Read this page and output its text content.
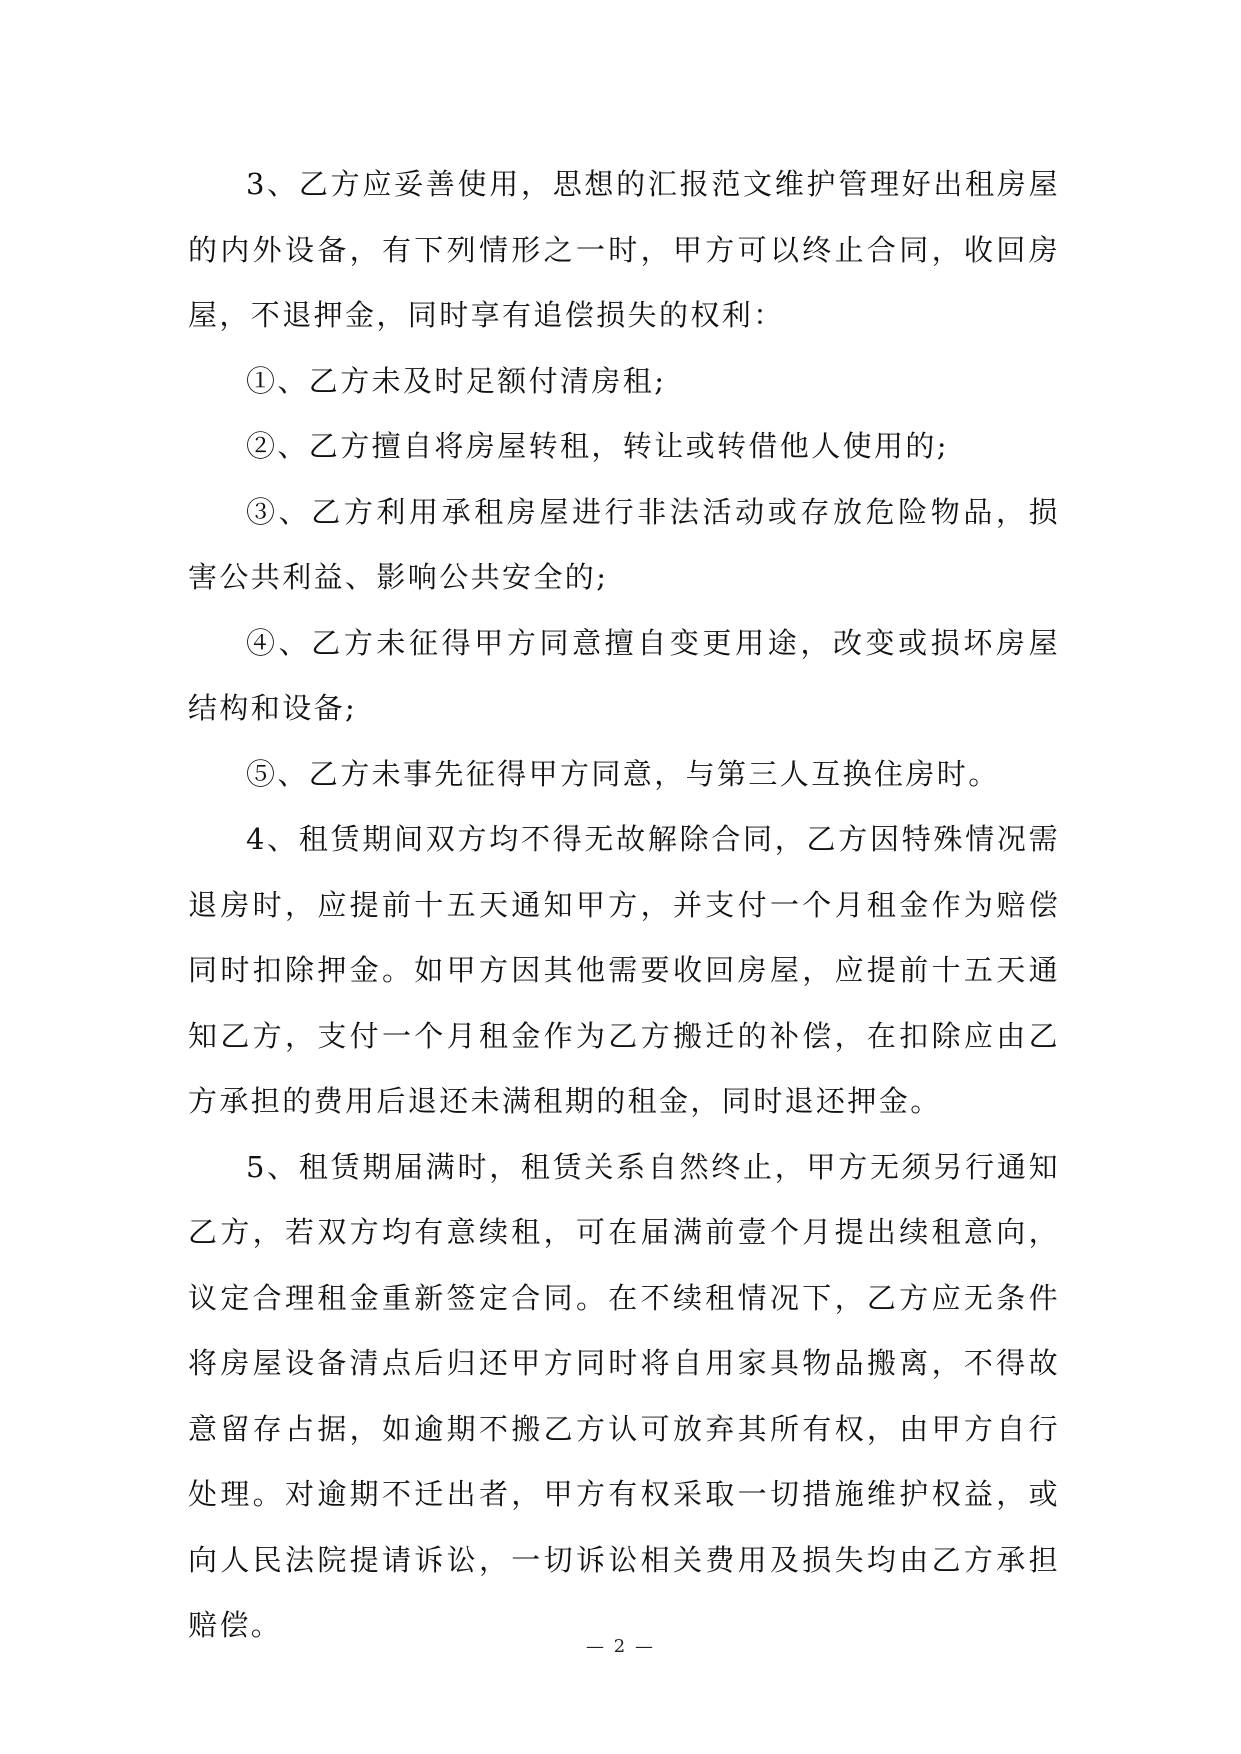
3、乙方应妥善使用，思想的汇报范文维护管理好出租房屋的内外设备，有下列情形之一时，甲方可以终止合同，收回房屋，不退押金，同时享有追偿损失的权利：

①、乙方未及时足额付清房租;

②、乙方擅自将房屋转租，转让或转借他人使用的;

③、乙方利用承租房屋进行非法活动或存放危险物品，损害公共利益、影响公共安全的;

④、乙方未征得甲方同意擅自变更用途，改变或损坏房屋结构和设备;

⑤、乙方未事先征得甲方同意，与第三人互换住房时。

4、租赁期间双方均不得无故解除合同，乙方因特殊情况需退房时，应提前十五天通知甲方，并支付一个月租金作为赔偿同时扣除押金。如甲方因其他需要收回房屋，应提前十五天通知乙方，支付一个月租金作为乙方搬迁的补偿，在扣除应由乙方承担的费用后退还未满租期的租金，同时退还押金。

5、租赁期届满时，租赁关系自然终止，甲方无须另行通知乙方，若双方均有意续租，可在届满前壹个月提出续租意向，议定合理租金重新签定合同。在不续租情况下，乙方应无条件将房屋设备清点后归还甲方同时将自用家具物品搬离，不得故意留存占据，如逾期不搬乙方认可放弃其所有权，由甲方自行处理。对逾期不迁出者，甲方有权采取一切措施维护权益，或向人民法院提请诉讼，一切诉讼相关费用及损失均由乙方承担赔偿。

— 2 —
